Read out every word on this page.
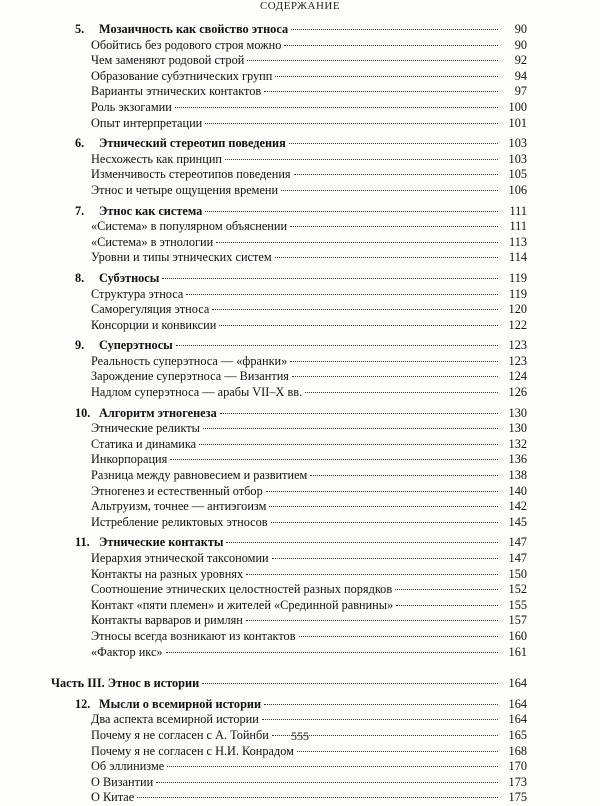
СОДЕРЖАНИЕ
5.	Мозаичность как свойство этноса	90
Обойтись без родового строя можно	90
Чем заменяют родовой строй	92
Образование субэтнических групп	94
Варианты этнических контактов	97
Роль экзогамии	100
Опыт интерпретации	101
6.	Этнический стереотип поведения	103
Несхожесть как принцип	103
Изменчивость стереотипов поведения	105
Этнос и четыре ощущения времени	106
7.	Этнос как система	111
«Система» в популярном объяснении	111
«Система» в этнологии	113
Уровни и типы этнических систем	114
8.	Субэтносы	119
Структура этноса	119
Саморегуляция этноса	120
Консорции и конвиксии	122
9.	Суперэтносы	123
Реальность суперэтноса — «франки»	123
Зарождение суперэтноса — Византия	124
Надлом суперэтноса — арабы VII–X вв.	126
10. Алгоритм этногенеза	130
Этнические реликты	130
Статика и динамика	132
Инкорпорация	136
Разница между равновесием и развитием	138
Этногенез и естественный отбор	140
Альтруизм, точнее — антиэгоизм	142
Истребление реликтовых этносов	145
11. Этнические контакты	147
Иерархия этнической таксономии	147
Контакты на разных уровнях	150
Соотношение этнических целостностей разных порядков	152
Контакт «пяти племен» и жителей «Срединной равнины»	155
Контакты варваров и римлян	157
Этносы всегда возникают из контактов	160
«Фактор икс»	161
Часть III. Этнос в истории	164
12. Мысли о всемирной истории	164
Два аспекта всемирной истории	164
Почему я не согласен с А. Тойнби	165
Почему я не согласен с Н.И. Конрадом	168
Об эллинизме	170
О Византии	173
О Китае	175
555
